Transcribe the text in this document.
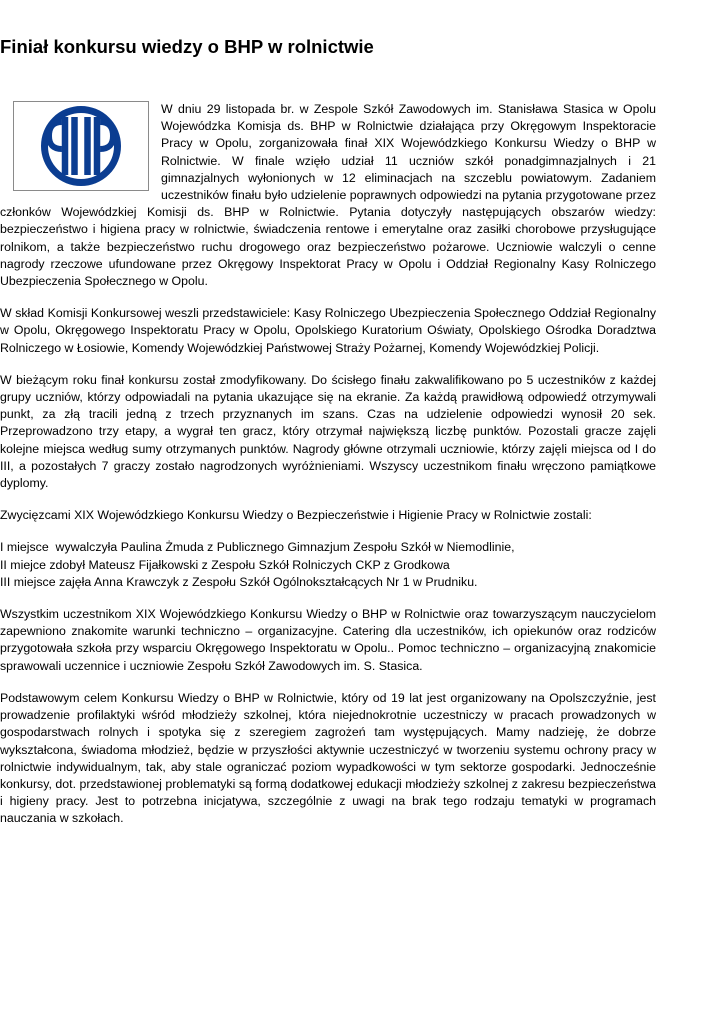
Finiał konkursu wiedzy o BHP w rolnictwie

W dniu 29 listopada br. w Zespole Szkół Zawodowych im. Stanisława Stasica w Opolu Wojewódzka Komisja ds. BHP w Rolnictwie działająca przy Okręgowym Inspektoracie Pracy w Opolu, zorganizowała finał XIX Wojewódzkiego Konkursu Wiedzy o BHP w Rolnictwie. W finale wzięło udział 11 uczniów szkół ponadgimnazjalnych i 21 gimnazjalnych wyłonionych w 12 eliminacjach na szczeblu powiatowym. Zadaniem uczestników finału było udzielenie poprawnych odpowiedzi na pytania przygotowane przez członków Wojewódzkiej Komisji ds. BHP w Rolnictwie. Pytania dotyczyły następujących obszarów wiedzy: bezpieczeństwo i higiena pracy w rolnictwie, świadczenia rentowe i emerytalne oraz zasiłki chorobowe przysługujące rolnikom, a także bezpieczeństwo ruchu drogowego oraz bezpieczeństwo pożarowe. Uczniowie walczyli o cenne nagrody rzeczowe ufundowane przez Okręgowy Inspektorat Pracy w Opolu i Oddział Regionalny Kasy Rolniczego Ubezpieczenia Społecznego w Opolu.

W skład Komisji Konkursowej weszli przedstawiciele: Kasy Rolniczego Ubezpieczenia Społecznego Oddział Regionalny w Opolu, Okręgowego Inspektoratu Pracy w Opolu, Opolskiego Kuratorium Oświaty, Opolskiego Ośrodka Doradztwa Rolniczego w Łosiowie, Komendy Wojewódzkiej Państwowej Straży Pożarnej, Komendy Wojewódzkiej Policji.

W bieżącym roku finał konkursu został zmodyfikowany. Do ścisłego finału zakwalifikowano po 5 uczestników z każdej grupy uczniów, którzy odpowiadali na pytania ukazujące się na ekranie. Za każdą prawidłową odpowiedź otrzymywali punkt, za złą tracili jedną z trzech przyznanych im szans. Czas na udzielenie odpowiedzi wynosił 20 sek. Przeprowadzono trzy etapy, a wygrał ten gracz, który otrzymał największą liczbę punktów. Pozostali gracze zajęli kolejne miejsca według sumy otrzymanych punktów. Nagrody główne otrzymali uczniowie, którzy zajęli miejsca od I do III, a pozostałych 7 graczy zostało nagrodzonych wyróżnieniami. Wszyscy uczestnikom finału wręczono pamiątkowe dyplomy.

Zwycięzcami XIX Wojewódzkiego Konkursu Wiedzy o Bezpieczeństwie i Higienie Pracy w Rolnictwie zostali:

I miejsce  wywalczyła Paulina Żmuda z Publicznego Gimnazjum Zespołu Szkół w Niemodlinie,
II miejce zdobył Mateusz Fijałkowski z Zespołu Szkół Rolniczych CKP z Grodkowa
III miejsce zajęła Anna Krawczyk z Zespołu Szkół Ogólnokształcących Nr 1 w Prudniku.

Wszystkim uczestnikom XIX Wojewódzkiego Konkursu Wiedzy o BHP w Rolnictwie oraz towarzyszącym nauczycielom zapewniono znakomite warunki techniczno – organizacyjne. Catering dla uczestników, ich opiekunów oraz rodziców przygotowała szkoła przy wsparciu Okręgowego Inspektoratu w Opolu.. Pomoc techniczno – organizacyjną znakomicie sprawowali uczennice i uczniowie Zespołu Szkół Zawodowych im. S. Stasica.

Podstawowym celem Konkursu Wiedzy o BHP w Rolnictwie, który od 19 lat jest organizowany na Opolszczyźnie, jest prowadzenie profilaktyki wśród młodzieży szkolnej, która niejednokrotnie uczestniczy w pracach prowadzonych w gospodarstwach rolnych i spotyka się z szeregiem zagrożeń tam występujących. Mamy nadzieję, że dobrze wykształcona, świadoma młodzież, będzie w przyszłości aktywnie uczestniczyć w tworzeniu systemu ochrony pracy w rolnictwie indywidualnym, tak, aby stale ograniczać poziom wypadkowości w tym sektorze gospodarki. Jednocześnie konkursy, dot. przedstawionej problematyki są formą dodatkowej edukacji młodzieży szkolnej z zakresu bezpieczeństwa i higieny pracy. Jest to potrzebna inicjatywa, szczególnie z uwagi na brak tego rodzaju tematyki w programach nauczania w szkołach.
